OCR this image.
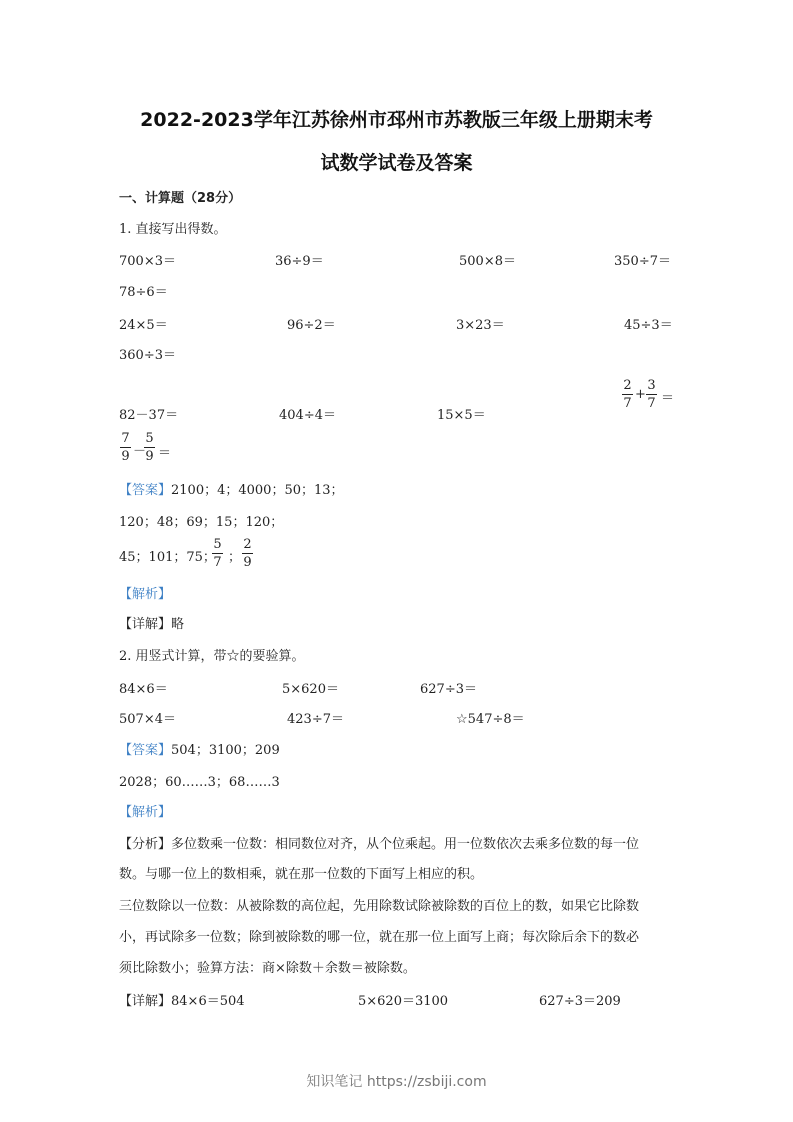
2022-2023学年江苏徐州市邳州市苏教版三年级上册期末考
试数学试卷及答案
一、计算题（28分）
1. 直接写出得数。
700×3＝	36÷9＝	500×8＝	350÷7＝
78÷6＝
24×5＝	96÷2＝	3×23＝	45÷3＝
360÷3＝
82－37＝	404÷4＝	15×5＝
2
7
+
3
7 ＝
7
9 －
5
9 ＝
【答案】2100；4；4000；50；13；
120；48；69；15；120；
45；101；75；
5
7 ；
2
9
【解析】
【详解】略
2. 用竖式计算，带☆的要验算。
84×6＝	5×620＝	627÷3＝
507×4＝	423÷7＝	☆547÷8＝
【答案】504；3100；209
2028；60……3；68……3
【解析】
【分析】多位数乘一位数：相同数位对齐，从个位乘起。用一位数依次去乘多位数的每一位
数。与哪一位上的数相乘，就在那一位数的下面写上相应的积。
三位数除以一位数：从被除数的高位起，先用除数试除被除数的百位上的数，如果它比除数
小，再试除多一位数；除到被除数的哪一位，就在那一位上面写上商；每次除后余下的数必
须比除数小；验算方法：商×除数＋余数＝被除数。
【详解】84×6＝504	5×620＝3100	627÷3＝209
知识笔记 https://zsbiji.com
